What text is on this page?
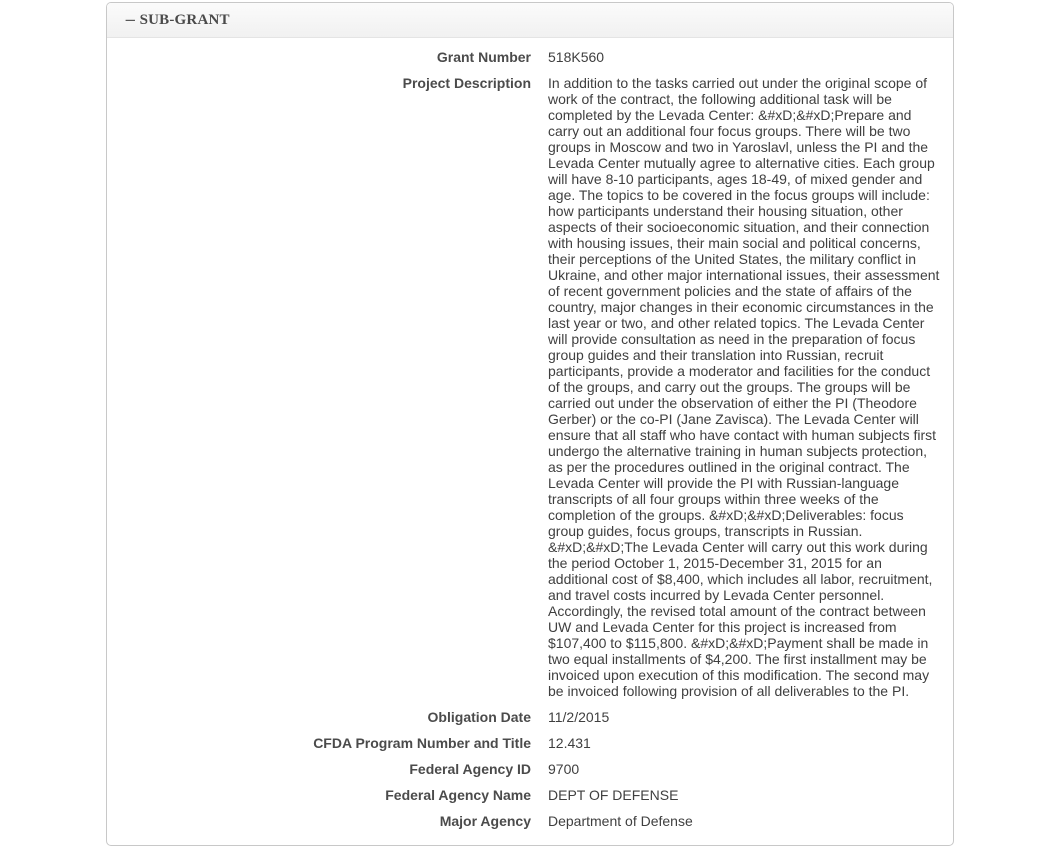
− SUB-GRANT
Grant Number 518K560
Project Description In addition to the tasks carried out under the original scope of work of the contract, the following additional task will be completed by the Levada Center: &#xD;&#xD;Prepare and carry out an additional four focus groups. There will be two groups in Moscow and two in Yaroslavl, unless the PI and the Levada Center mutually agree to alternative cities. Each group will have 8-10 participants, ages 18-49, of mixed gender and age. The topics to be covered in the focus groups will include: how participants understand their housing situation, other aspects of their socioeconomic situation, and their connection with housing issues, their main social and political concerns, their perceptions of the United States, the military conflict in Ukraine, and other major international issues, their assessment of recent government policies and the state of affairs of the country, major changes in their economic circumstances in the last year or two, and other related topics. The Levada Center will provide consultation as need in the preparation of focus group guides and their translation into Russian, recruit participants, provide a moderator and facilities for the conduct of the groups, and carry out the groups. The groups will be carried out under the observation of either the PI (Theodore Gerber) or the co-PI (Jane Zavisca). The Levada Center will ensure that all staff who have contact with human subjects first undergo the alternative training in human subjects protection, as per the procedures outlined in the original contract. The Levada Center will provide the PI with Russian-language transcripts of all four groups within three weeks of the completion of the groups. &#xD;&#xD;Deliverables: focus group guides, focus groups, transcripts in Russian. &#xD;&#xD;The Levada Center will carry out this work during the period October 1, 2015-December 31, 2015 for an additional cost of $8,400, which includes all labor, recruitment, and travel costs incurred by Levada Center personnel. Accordingly, the revised total amount of the contract between UW and Levada Center for this project is increased from $107,400 to $115,800. &#xD;&#xD;Payment shall be made in two equal installments of $4,200. The first installment may be invoiced upon execution of this modification. The second may be invoiced following provision of all deliverables to the PI.
Obligation Date 11/2/2015
CFDA Program Number and Title 12.431
Federal Agency ID 9700
Federal Agency Name DEPT OF DEFENSE
Major Agency Department of Defense
